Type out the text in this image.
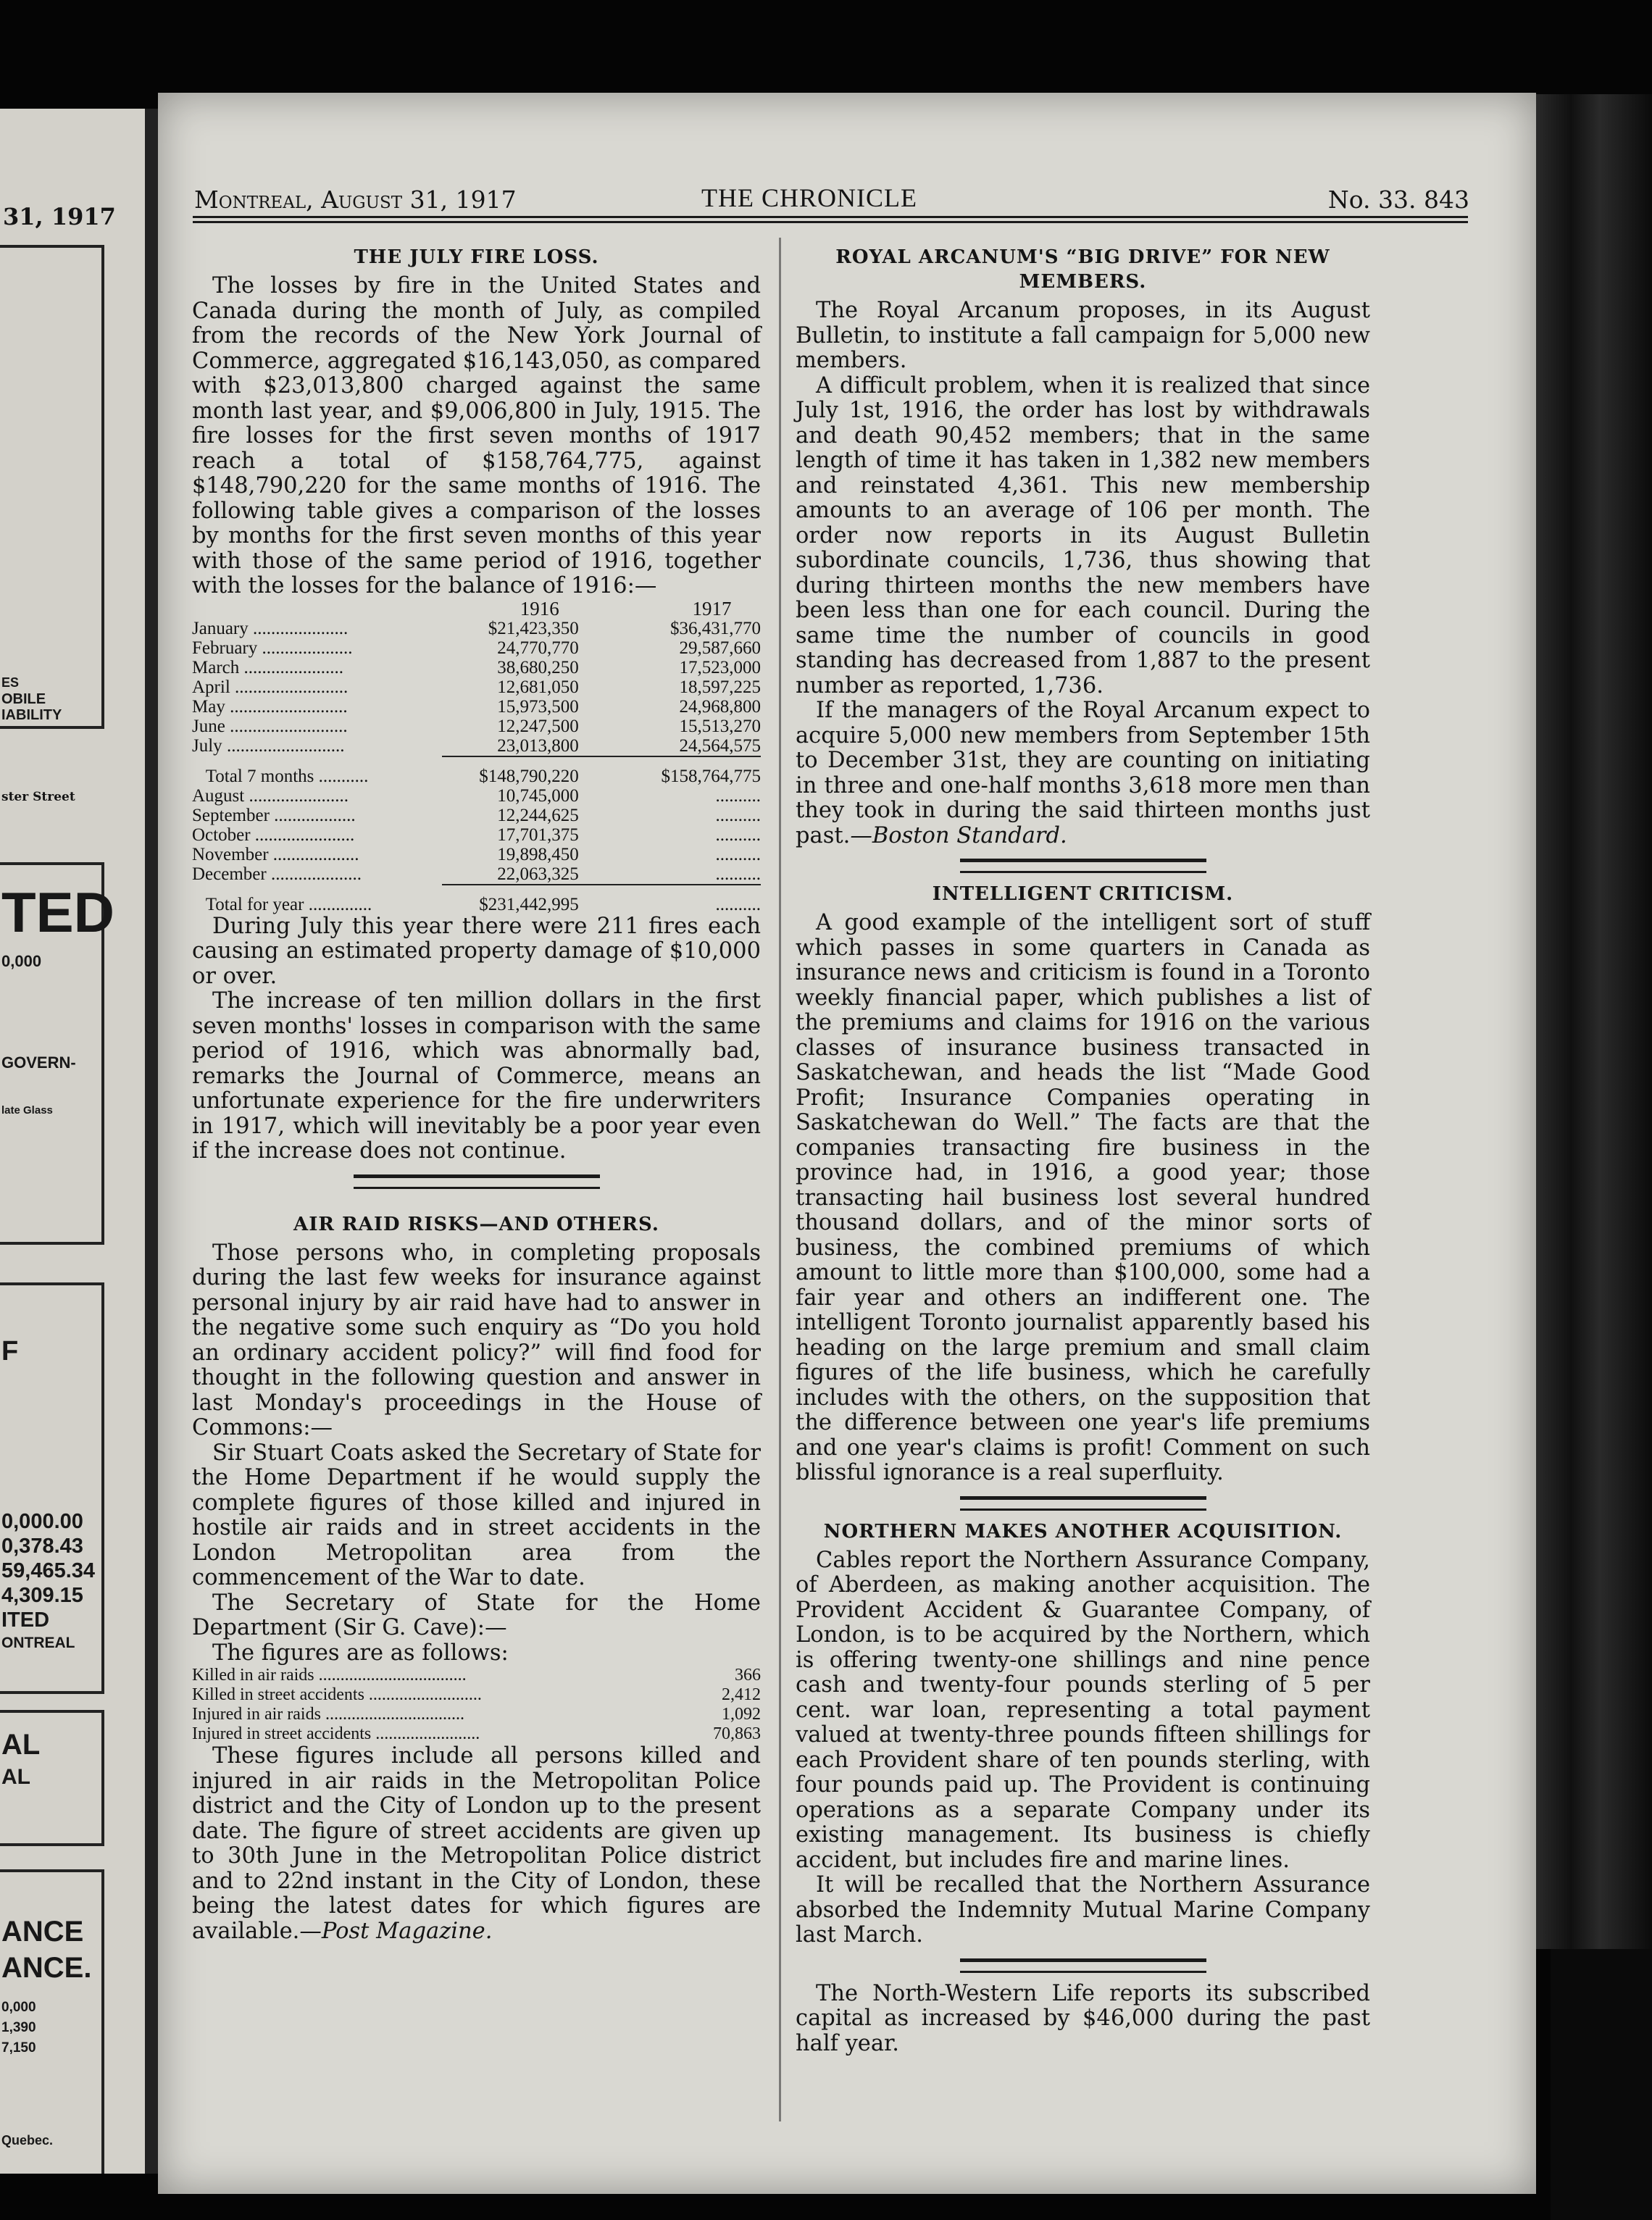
31, 1917
ES
OBILE
IABILITY
ster Street
TED
0,000
GOVERN-
late Glass
F
0,000.00
0,378.43
59,465.34
4,309.15
ITED
ONTREAL
AL
AL
ANCE
ANCE.
0,000
1,390
7,150
Quebec.
Montreal, August 31, 1917	THE CHRONICLE	No. 33. 843
THE JULY FIRE LOSS.

The losses by fire in the United States and Canada during the month of July, as compiled from the records of the New York Journal of Commerce, aggregated $16,143,050, as compared with $23,013,800 charged against the same month last year, and $9,006,800 in July, 1915. The fire losses for the first seven months of 1917 reach a total of $158,764,775, against $148,790,220 for the same months of 1916. The following table gives a comparison of the losses by months for the first seven months of this year with those of the same period of 1916, together with the losses for the balance of 1916:—

	1916	1917
January .....................	$21,423,350	$36,431,770
February ....................	24,770,770	29,587,660
March ......................	38,680,250	17,523,000
April .........................	12,681,050	18,597,225
May ..........................	15,973,500	24,968,800
June ..........................	12,247,500	15,513,270
July ..........................	23,013,800	24,564,575

Total 7 months ...........	$148,790,220	$158,764,775
August ......................	10,745,000	..........
September ..................	12,244,625	..........
October ......................	17,701,375	..........
November ...................	19,898,450	..........
December ....................	22,063,325	..........

Total for year ..............	$231,442,995	..........

During July this year there were 211 fires each causing an estimated property damage of $10,000 or over.

The increase of ten million dollars in the first seven months' losses in comparison with the same period of 1916, which was abnormally bad, remarks the Journal of Commerce, means an unfortunate experience for the fire underwriters in 1917, which will inevitably be a poor year even if the increase does not continue.

AIR RAID RISKS—AND OTHERS.

Those persons who, in completing proposals during the last few weeks for insurance against personal injury by air raid have had to answer in the negative some such enquiry as “Do you hold an ordinary accident policy?” will find food for thought in the following question and answer in last Monday's proceedings in the House of Commons:—

Sir Stuart Coats asked the Secretary of State for the Home Department if he would supply the complete figures of those killed and injured in hostile air raids and in street accidents in the London Metropolitan area from the commencement of the War to date.

The Secretary of State for the Home Department (Sir G. Cave):—

The figures are as follows:

Killed in air raids ..................................	366
Killed in street accidents ..........................	2,412
Injured in air raids ................................	1,092
Injured in street accidents ........................	70,863

These figures include all persons killed and injured in air raids in the Metropolitan Police district and the City of London up to the present date. The figure of street accidents are given up to 30th June in the Metropolitan Police district and to 22nd instant in the City of London, these being the latest dates for which figures are available.—Post Magazine.

ROYAL ARCANUM'S “BIG DRIVE” FOR NEW MEMBERS.

The Royal Arcanum proposes, in its August Bulletin, to institute a fall campaign for 5,000 new members.

A difficult problem, when it is realized that since July 1st, 1916, the order has lost by withdrawals and death 90,452 members; that in the same length of time it has taken in 1,382 new members and reinstated 4,361. This new membership amounts to an average of 106 per month. The order now reports in its August Bulletin subordinate councils, 1,736, thus showing that during thirteen months the new members have been less than one for each council. During the same time the number of councils in good standing has decreased from 1,887 to the present number as reported, 1,736.

If the managers of the Royal Arcanum expect to acquire 5,000 new members from September 15th to December 31st, they are counting on initiating in three and one-half months 3,618 more men than they took in during the said thirteen months just past.—Boston Standard.

INTELLIGENT CRITICISM.

A good example of the intelligent sort of stuff which passes in some quarters in Canada as insurance news and criticism is found in a Toronto weekly financial paper, which publishes a list of the premiums and claims for 1916 on the various classes of insurance business transacted in Saskatchewan, and heads the list “Made Good Profit; Insurance Companies operating in Saskatchewan do Well.” The facts are that the companies transacting fire business in the province had, in 1916, a good year; those transacting hail business lost several hundred thousand dollars, and of the minor sorts of business, the combined premiums of which amount to little more than $100,000, some had a fair year and others an indifferent one. The intelligent Toronto journalist apparently based his heading on the large premium and small claim figures of the life business, which he carefully includes with the others, on the supposition that the difference between one year's life premiums and one year's claims is profit! Comment on such blissful ignorance is a real superfluity.

NORTHERN MAKES ANOTHER ACQUISITION.

Cables report the Northern Assurance Company, of Aberdeen, as making another acquisition. The Provident Accident & Guarantee Company, of London, is to be acquired by the Northern, which is offering twenty-one shillings and nine pence cash and twenty-four pounds sterling of 5 per cent. war loan, representing a total payment valued at twenty-three pounds fifteen shillings for each Provident share of ten pounds sterling, with four pounds paid up. The Provident is continuing operations as a separate Company under its existing management. Its business is chiefly accident, but includes fire and marine lines.

It will be recalled that the Northern Assurance absorbed the Indemnity Mutual Marine Company last March.

The North-Western Life reports its subscribed capital as increased by $46,000 during the past half year.
